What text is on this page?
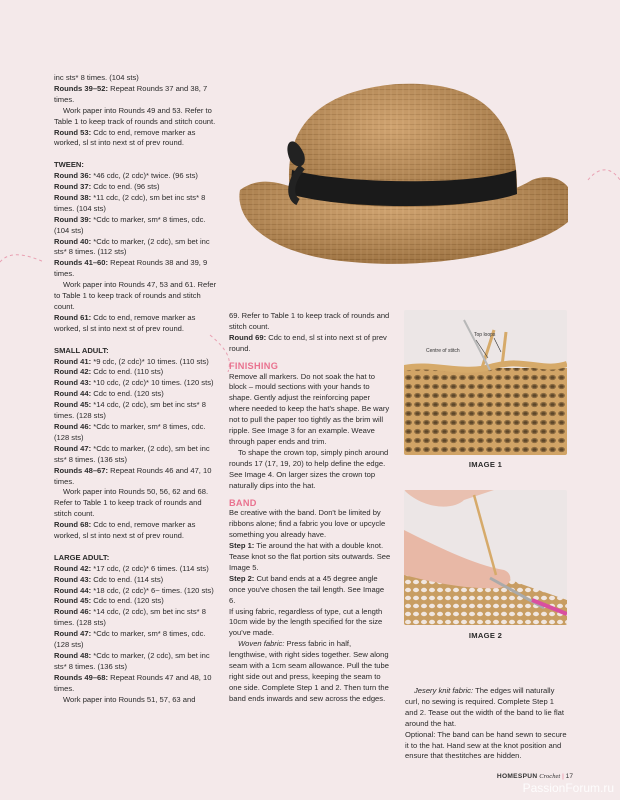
inc sts* 8 times. (104 sts)

Rounds 39–52: Repeat Rounds 37 and 38, 7 times.

Work paper into Rounds 49 and 53. Refer to Table 1 to keep track of rounds and stitch count.

Round 53: Cdc to end, remove marker as worked, sl st into next st of prev round.

TWEEN:

Round 36: *46 cdc, (2 cdc)* twice. (96 sts)

Round 37: Cdc to end. (96 sts)

Round 38: *11 cdc, (2 cdc), sm bet inc sts* 8 times. (104 sts)

Round 39: *Cdc to marker, sm* 8 times, cdc. (104 sts)

Round 40: *Cdc to marker, (2 cdc), sm bet inc sts* 8 times. (112 sts)

Rounds 41–60: Repeat Rounds 38 and 39, 9 times.

Work paper into Rounds 47, 53 and 61. Refer to Table 1 to keep track of rounds and stitch count.

Round 61: Cdc to end, remove marker as worked, sl st into next st of prev round.

SMALL ADULT:

Round 41: *9 cdc, (2 cdc)* 10 times. (110 sts)

Round 42: Cdc to end. (110 sts)

Round 43: *10 cdc, (2 cdc)* 10 times. (120 sts)

Round 44: Cdc to end. (120 sts)

Round 45: *14 cdc, (2 cdc), sm bet inc sts* 8 times. (128 sts)

Round 46: *Cdc to marker, sm* 8 times, cdc. (128 sts)

Round 47: *Cdc to marker, (2 cdc), sm bet inc sts* 8 times. (136 sts)

Rounds 48–67: Repeat Rounds 46 and 47, 10 times.

Work paper into Rounds 50, 56, 62 and 68. Refer to Table 1 to keep track of rounds and stitch count.

Round 68: Cdc to end, remove marker as worked, sl st into next st of prev round.

LARGE ADULT:

Round 42: *17 cdc, (2 cdc)* 6 times. (114 sts)

Round 43: Cdc to end. (114 sts)

Round 44: *18 cdc, (2 cdc)* 6~ times. (120 sts)

Round 45: Cdc to end. (120 sts)

Round 46: *14 cdc, (2 cdc), sm bet inc sts* 8 times. (128 sts)

Round 47: *Cdc to marker, sm* 8 times, cdc. (128 sts)

Round 48: *Cdc to marker, (2 cdc), sm bet inc sts* 8 times. (136 sts)

Rounds 49–68: Repeat Rounds 47 and 48, 10 times.

Work paper into Rounds 51, 57, 63 and

69. Refer to Table 1 to keep track of rounds and stitch count.

Round 69: Cdc to end, sl st into next st of prev round.

FINISHING

Remove all markers. Do not soak the hat to block – mould sections with your hands to shape. Gently adjust the reinforcing paper where needed to keep the hat's shape. Be wary not to pull the paper too tightly as the brim will ripple. See Image 3 for an example. Weave through paper ends and trim.

To shape the crown top, simply pinch around rounds 17 (17, 19, 20) to help define the edge. See Image 4. On larger sizes the crown top naturally dips into the hat.

BAND

Be creative with the band. Don't be limited by ribbons alone; find a fabric you love or upcycle something you already have.

Step 1: Tie around the hat with a double knot. Tease knot so the flat portion sits outwards. See Image 5.

Step 2: Cut band ends at a 45 degree angle once you've chosen the tail length. See Image 6.

If using fabric, regardless of type, cut a length 10cm wide by the length specified for the size you've made.

Woven fabric: Press fabric in half, lengthwise, with right sides together. Sew along seam with a 1cm seam allowance. Pull the tube right side out and press, keeping the seam to one side. Complete Step 1 and 2. Then turn the band ends inwards and sew across the edges.

Top loops
Centre of stitch
IMAGE 1
IMAGE 2

Jesery knit fabric: The edges will naturally curl, no sewing is required. Complete Step 1 and 2. Tease out the width of the band to lie flat around the hat.

Optional: The band can be hand sewn to secure it to the hat. Hand sew at the knot position and ensure that thestitches are hidden.

HOMESPUN Crochet | 17
PassionForum.ru
